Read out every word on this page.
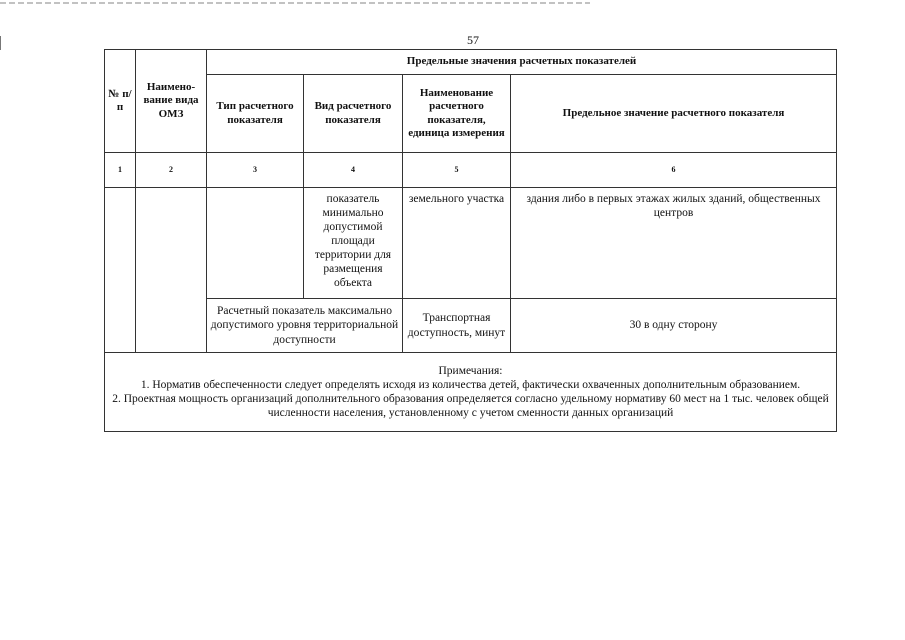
57
№ п/п	Наимено-вание вида ОМЗ	Предельные значения расчетных показателей			
		Тип расчетного показателя	Вид расчетного показателя	Наименование расчетного показателя, единица измерения	Предельное значение расчетного показателя
1	2	3	4	5	6
			показатель минимально допустимой площади территории для размещения объекта	земельного участка	здания либо в первых этажах жилых зданий, общественных центров
		Расчетный показатель максимально допустимого уровня территориальной доступности		Транспортная доступность, минут	30 в одну сторону

Примечания:
1. Норматив обеспеченности следует определять исходя из количества детей, фактически охваченных дополнительным образованием.
2. Проектная мощность организаций дополнительного образования определяется согласно удельному нормативу 60 мест на 1 тыс. человек общей численности населения, установленному с учетом сменности данных организаций					
